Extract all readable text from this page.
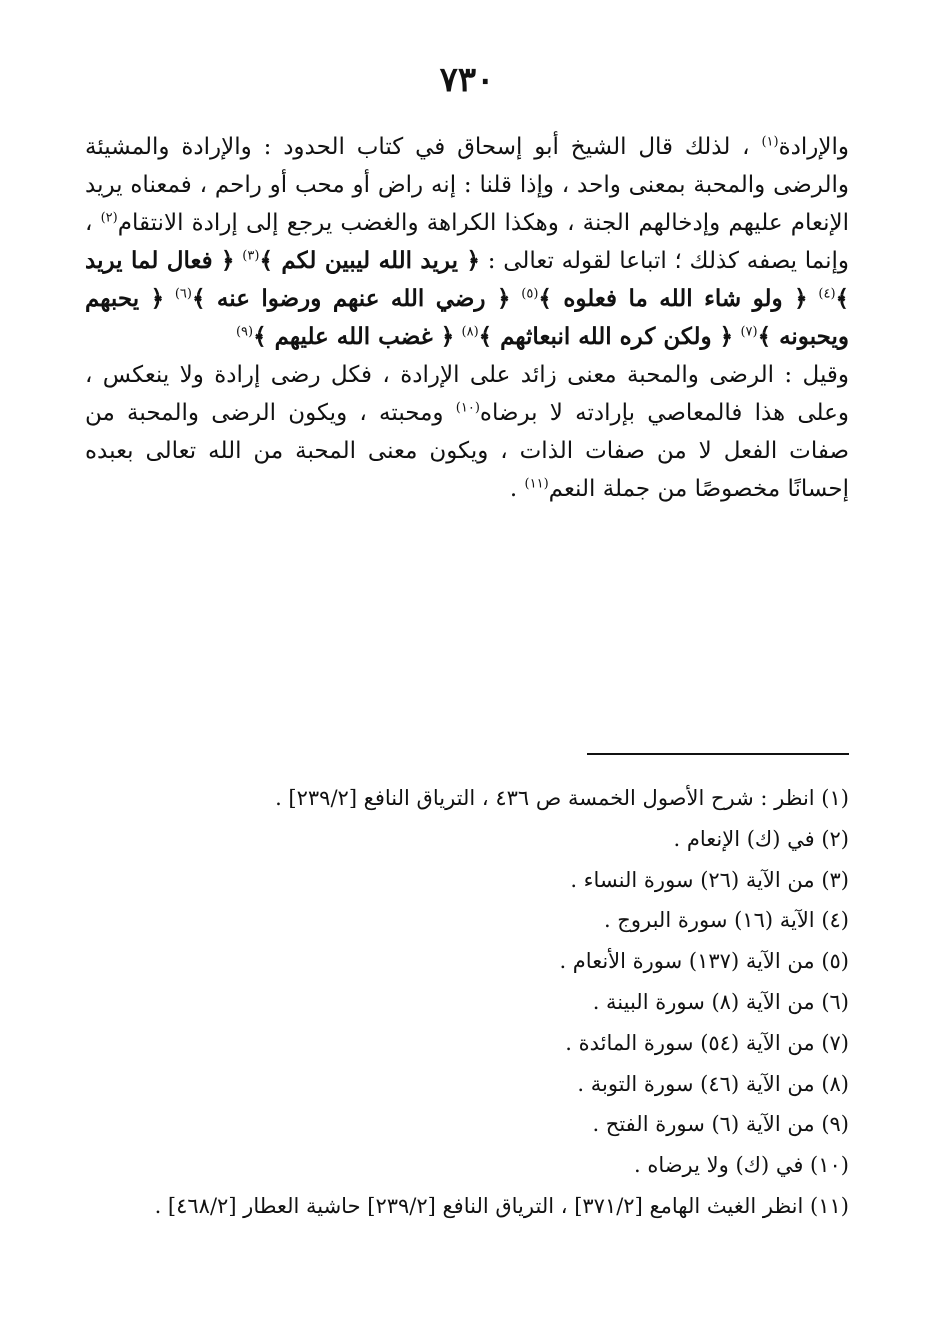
٧٣٠

والإرادة$^{(١)}$ ، لذلك قال الشيخ أبو إسحاق في كتاب الحدود : والإرادة والمشيئة والرضى والمحبة بمعنى واحد ، وإذا قلنا : إنه راض أو محب أو راحم ، فمعناه يريد الإنعام عليهم وإدخالهم الجنة ، وهكذا الكراهة والغضب يرجع إلى إرادة الانتقام$^{(٢)}$ ، وإنما يصفه كذلك ؛ اتباعا لقوله تعالى : ﴿ يريد الله ليبين لكم ﴾$^{(٣)}$ ﴿ فعال لما يريد ﴾$^{(٤)}$ ﴿ ولو شاء الله ما فعلوه ﴾$^{(٥)}$ ﴿ رضي الله عنهم ورضوا عنه ﴾$^{(٦)}$ ﴿ يحبهم ويحبونه ﴾$^{(٧)}$ ﴿ ولكن كره الله انبعاثهم ﴾$^{(٨)}$ ﴿ غضب الله عليهم ﴾$^{(٩)}$

وقيل : الرضى والمحبة معنى زائد على الإرادة ، فكل رضى إرادة ولا ينعكس ، وعلى هذا فالمعاصي بإرادته لا برضاه$^{(١٠)}$ ومحبته ، ويكون الرضى والمحبة من صفات الفعل لا من صفات الذات ، ويكون معنى المحبة من الله تعالى بعبده إحسانًا مخصوصًا من جملة النعم$^{(١١)}$ .

(١) انظر : شرح الأصول الخمسة ص ٤٣٦ ، الترياق النافع [٢٣٩/٢] .
(٢) في (ك) الإنعام .
(٣) من الآية (٢٦) سورة النساء .
(٤) الآية (١٦) سورة البروج .
(٥) من الآية (١٣٧) سورة الأنعام .
(٦) من الآية (٨) سورة البينة .
(٧) من الآية (٥٤) سورة المائدة .
(٨) من الآية (٤٦) سورة التوبة .
(٩) من الآية (٦) سورة الفتح .
(١٠) في (ك) ولا يرضاه .
(١١) انظر الغيث الهامع [٣٧١/٢] ، الترياق النافع [٢٣٩/٢] حاشية العطار [٤٦٨/٢] .
